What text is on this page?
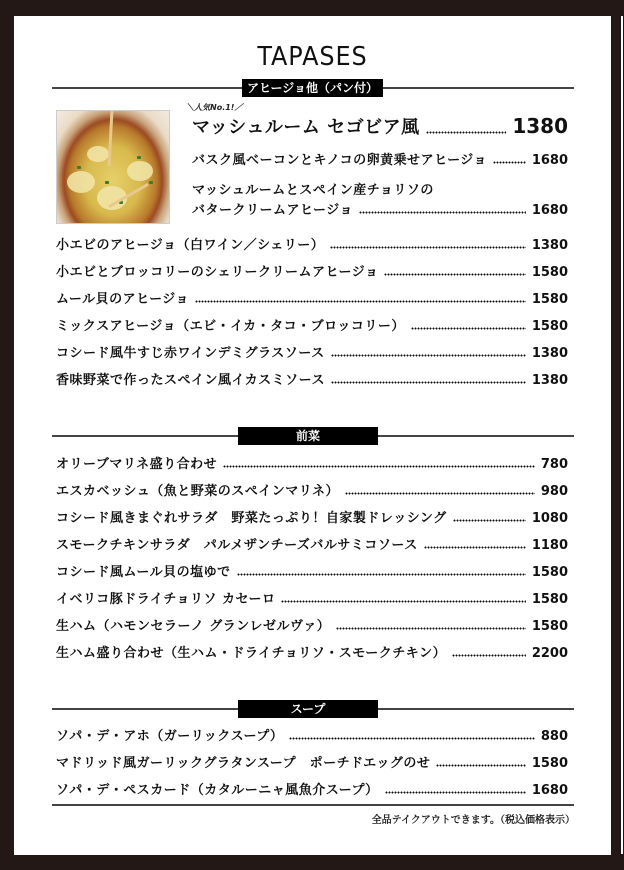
TAPASES
アヒージョ他（パン付）
＼人気No.1!／
マッシュルーム セゴビア風	1380
バスク風ベーコンとキノコの卵黄乗せアヒージョ	1680
マッシュルームとスペイン産チョリソの
バタークリームアヒージョ	1680
小エビのアヒージョ（白ワイン／シェリー）	1380
小エビとブロッコリーのシェリークリームアヒージョ	1580
ムール貝のアヒージョ	1580
ミックスアヒージョ（エビ・イカ・タコ・ブロッコリー）	1580
コシード風牛すじ赤ワインデミグラスソース	1380
香味野菜で作ったスペイン風イカスミソース	1380
前菜
オリーブマリネ盛り合わせ	780
エスカベッシュ（魚と野菜のスペインマリネ）	980
コシード風きまぐれサラダ　野菜たっぷり！自家製ドレッシング	1080
スモークチキンサラダ　パルメザンチーズバルサミコソース	1180
コシード風ムール貝の塩ゆで	1580
イベリコ豚ドライチョリソ カセーロ	1580
生ハム（ハモンセラーノ グランレゼルヴァ）	1580
生ハム盛り合わせ（生ハム・ドライチョリソ・スモークチキン）	2200
スープ
ソパ・デ・アホ（ガーリックスープ）	880
マドリッド風ガーリックグラタンスープ　ポーチドエッグのせ	1580
ソパ・デ・ペスカード（カタルーニャ風魚介スープ）	1680
全品テイクアウトできます。（税込価格表示）
